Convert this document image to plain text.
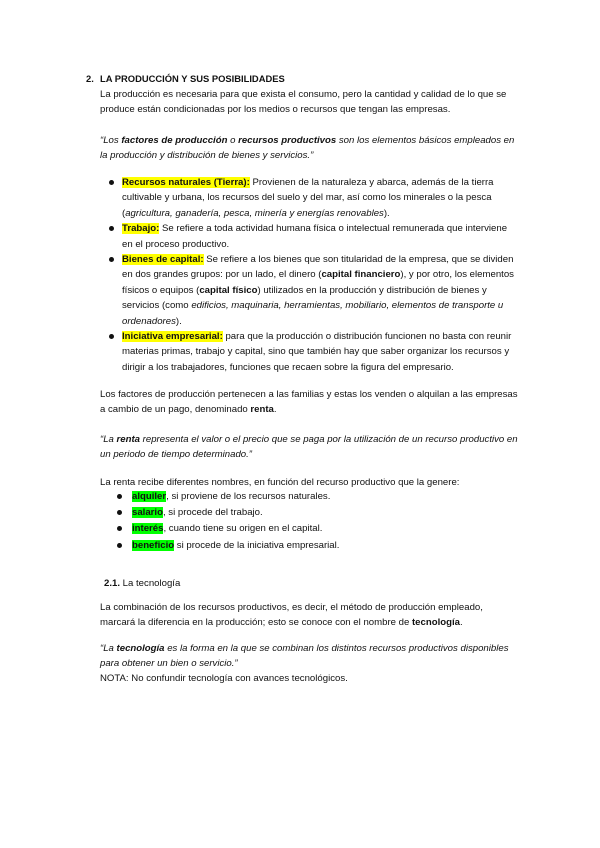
2. LA PRODUCCIÓN Y SUS POSIBILIDADES
La producción es necesaria para que exista el consumo, pero la cantidad y calidad de lo que se produce están condicionadas por los medios o recursos que tengan las empresas.
“Los factores de producción o recursos productivos son los elementos básicos empleados en la producción y distribución de bienes y servicios.”
Recursos naturales (Tierra): Provienen de la naturaleza y abarca, además de la tierra cultivable y urbana, los recursos del suelo y del mar, así como los minerales o la pesca (agricultura, ganadería, pesca, minería y energías renovables).
Trabajo: Se refiere a toda actividad humana física o intelectual remunerada que interviene en el proceso productivo.
Bienes de capital: Se refiere a los bienes que son titularidad de la empresa, que se dividen en dos grandes grupos: por un lado, el dinero (capital financiero), y por otro, los elementos físicos o equipos (capital físico) utilizados en la producción y distribución de bienes y servicios (como edificios, maquinaria, herramientas, mobiliario, elementos de transporte u ordenadores).
Iniciativa empresarial: para que la producción o distribución funcionen no basta con reunir materias primas, trabajo y capital, sino que también hay que saber organizar los recursos y dirigir a los trabajadores, funciones que recaen sobre la figura del empresario.
Los factores de producción pertenecen a las familias y estas los venden o alquilan a las empresas a cambio de un pago, denominado renta.
“La renta representa el valor o el precio que se paga por la utilización de un recurso productivo en un periodo de tiempo determinado.”
La renta recibe diferentes nombres, en función del recurso productivo que la genere:
alquiler, si proviene de los recursos naturales.
salario, si procede del trabajo.
interés, cuando tiene su origen en el capital.
beneficio si procede de la iniciativa empresarial.
2.1. La tecnología
La combinación de los recursos productivos, es decir, el método de producción empleado, marcará la diferencia en la producción; esto se conoce con el nombre de tecnología.
“La tecnología es la forma en la que se combinan los distintos recursos productivos disponibles para obtener un bien o servicio.”
NOTA: No confundir tecnología con avances tecnológicos.
